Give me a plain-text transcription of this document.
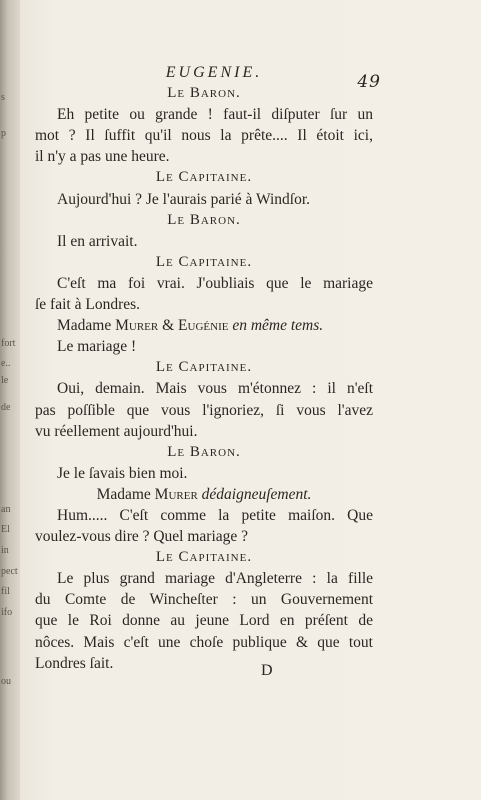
s
p
fort
e..
le
de
an
El
in
pect
fil
ifo
ou
EUGENIE.
Le Baron.
Eh petite ou grande ! faut-il diſputer ſur un
mot ? Il ſuffit qu'il nous la prête.... Il étoit ici,
il n'y a pas une heure.
Le Capitaine.
Aujourd'hui ? Je l'aurais parié à Windſor.
Le Baron.
Il en arrivait.
Le Capitaine.
C'eſt ma foi vrai. J'oubliais que le mariage
ſe fait à Londres.
Madame Murer & Eugénie en même tems.
Le mariage !
Le Capitaine.
Oui, demain. Mais vous m'étonnez : il n'eſt
pas poſſible que vous l'ignoriez, ſi vous l'avez
vu réellement aujourd'hui.
Le Baron.
Je le ſavais bien moi.
Madame Murer dédaigneuſement.
Hum..... C'eſt comme la petite maiſon. Que
voulez-vous dire ? Quel mariage ?
Le Capitaine.
Le plus grand mariage d'Angleterre : la fille
du Comte de Wincheſter : un Gouvernement
que le Roi donne au jeune Lord en préſent de
nôces. Mais c'eſt une choſe publique & que tout
Londres ſait.
49
D
